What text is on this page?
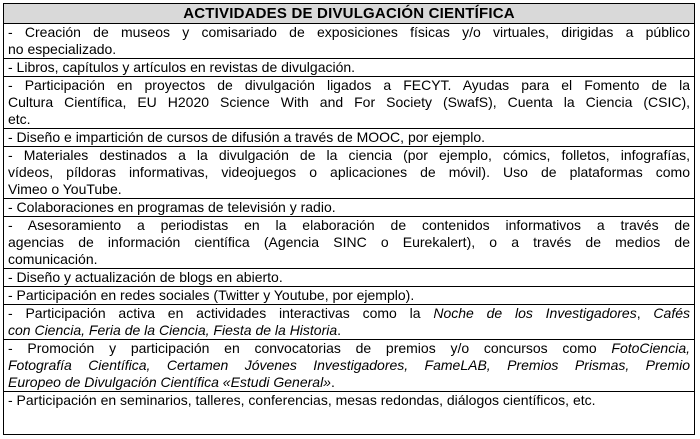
ACTIVIDADES DE DIVULGACIÓN CIENTÍFICA
- Creación de museos y comisariado de exposiciones físicas y/o virtuales, dirigidas a público
no especializado.
- Libros, capítulos y artículos en revistas de divulgación.
- Participación en proyectos de divulgación ligados a FECYT. Ayudas para el Fomento de la
Cultura Científica, EU H2020 Science With and For Society (SwafS), Cuenta la Ciencia (CSIC),
etc.
- Diseño e impartición de cursos de difusión a través de MOOC, por ejemplo.
- Materiales destinados a la divulgación de la ciencia (por ejemplo, cómics, folletos, infografías,
vídeos, píldoras informativas, videojuegos o aplicaciones de móvil). Uso de plataformas como
Vimeo o YouTube.
- Colaboraciones en programas de televisión y radio.
- Asesoramiento a periodistas en la elaboración de contenidos informativos a través de
agencias de información científica (Agencia SINC o Eurekalert), o a través de medios de
comunicación.
- Diseño y actualización de blogs en abierto.
- Participación en redes sociales (Twitter y Youtube, por ejemplo).
- Participación activa en actividades interactivas como la Noche de los Investigadores, Cafés
con Ciencia, Feria de la Ciencia, Fiesta de la Historia.
- Promoción y participación en convocatorias de premios y/o concursos como FotoCiencia,
Fotografía Científica, Certamen Jóvenes Investigadores, FameLAB, Premios Prismas, Premio
Europeo de Divulgación Científica «Estudi General».
- Participación en seminarios, talleres, conferencias, mesas redondas, diálogos científicos, etc.
